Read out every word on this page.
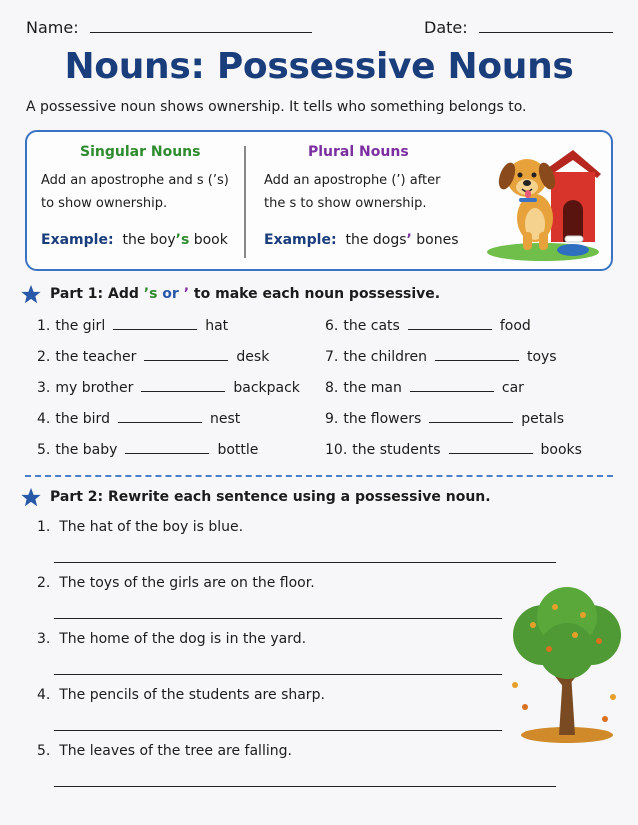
Name:	Date:
Nouns: Possessive Nouns
A possessive noun shows ownership. It tells who something belongs to.
Singular Nouns
Add an apostrophe and s (’s)
to show ownership.
Example: the boy’s book
Plural Nouns
Add an apostrophe (’) after
the s to show ownership.
Example: the dogs’ bones
Part 1: Add ’s or ’ to make each noun possessive.
1. the girl	hat
2. the teacher	desk
3. my brother	backpack
4. the bird	nest
5. the baby	bottle
6. the cats	food
7. the children	toys
8. the man	car
9. the flowers	petals
10. the students	books
Part 2: Rewrite each sentence using a possessive noun.
1.  The hat of the boy is blue.
2.  The toys of the girls are on the floor.
3.  The home of the dog is in the yard.
4.  The pencils of the students are sharp.
5.  The leaves of the tree are falling.
